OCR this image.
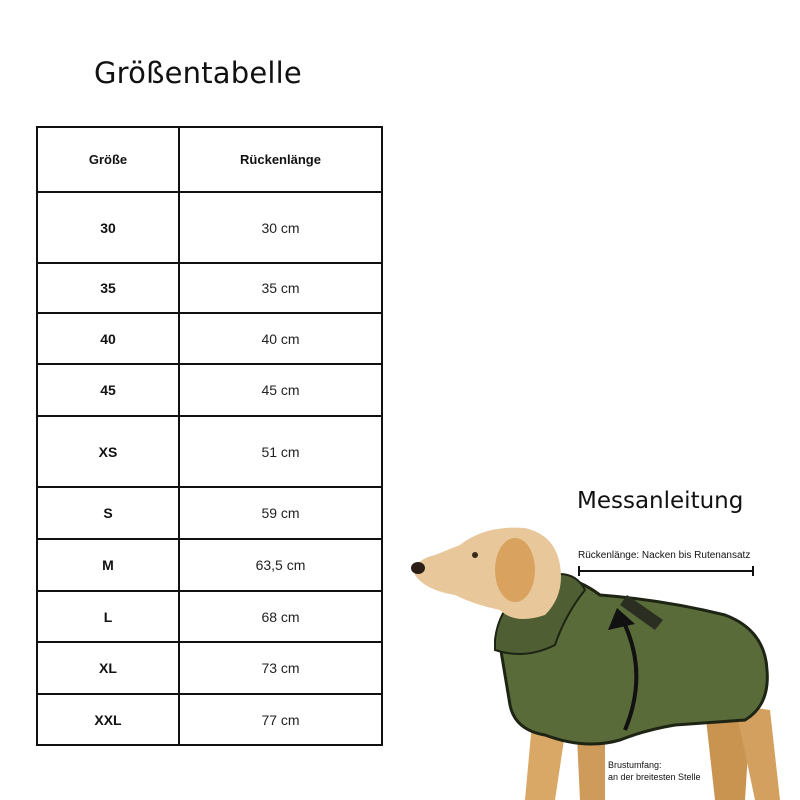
Größentabelle
Größe	Rückenlänge
30	30 cm
35	35 cm
40	40 cm
45	45 cm
XS	51 cm
S	59 cm
M	63,5 cm
L	68 cm
XL	73 cm
XXL	77 cm
Messanleitung
Rückenlänge: Nacken bis Rutenansatz
Brustumfang:
an der breitesten Stelle
